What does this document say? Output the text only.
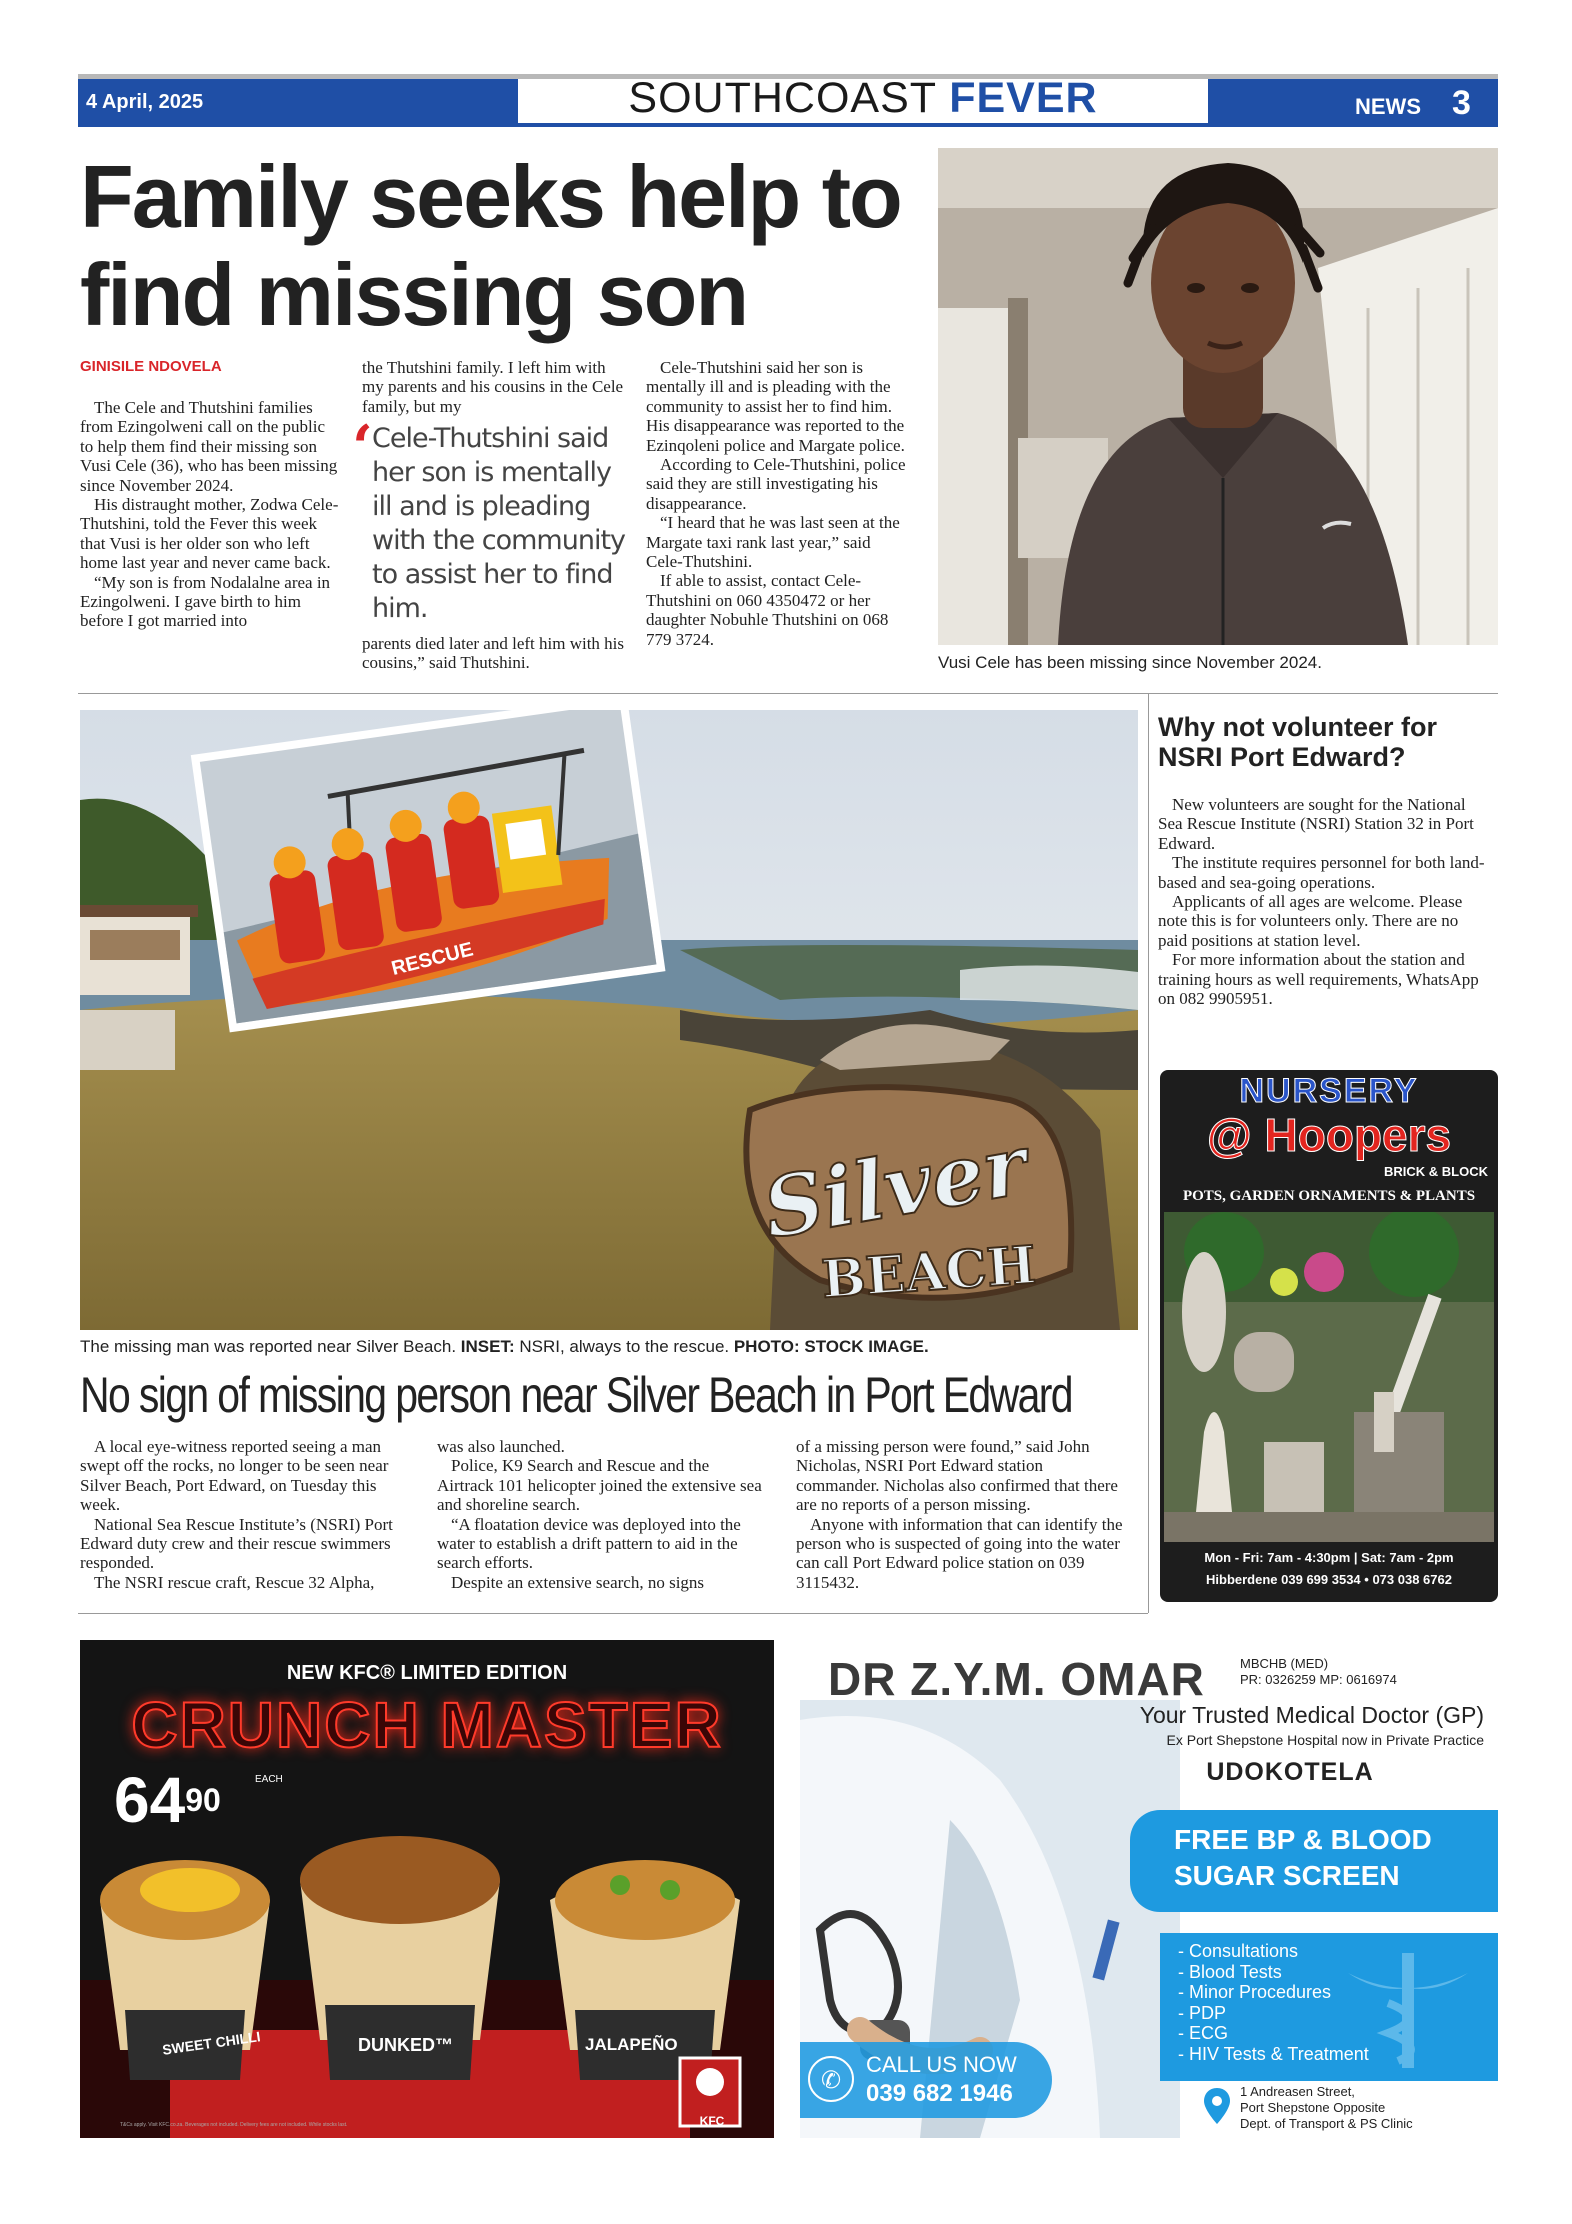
4 April, 2025	SOUTHCOAST FEVER	NEWS 3
Family seeks help to
find missing son
GINISILE NDOVELA

The Cele and Thutshini families from Ezingolweni call on the public to help them find their missing son Vusi Cele (36), who has been missing since November 2024.

His distraught mother, Zodwa Cele-Thutshini, told the Fever this week that Vusi is her older son who left home last year and never came back.

“My son is from Nodalalne area in Ezingolweni. I gave birth to him before I got married into

the Thutshini family. I left him with my parents and his cousins in the Cele family, but my

‘ Cele-Thutshini said her son is mentally ill and is pleading with the community to assist her to find him.

parents died later and left him with his cousins,” said Thutshini.

Cele-Thutshini said her son is mentally ill and is pleading with the community to assist her to find him. His disappearance was reported to the Ezinqoleni police and Margate police.

According to Cele-Thutshini, police said they are still investigating his disappearance.

“I heard that he was last seen at the Margate taxi rank last year,” said Cele-Thutshini.

If able to assist, contact Cele-Thutshini on 060 4350472 or her daughter Nobuhle Thutshini on 068 779 3724.

Vusi Cele has been missing since November 2024.
Silver
BEACH
RESCUE
The missing man was reported near Silver Beach. INSET: NSRI, always to the rescue. PHOTO: STOCK IMAGE.
No sign of missing person near Silver Beach in Port Edward

A local eye-witness reported seeing a man swept off the rocks, no longer to be seen near Silver Beach, Port Edward, on Tuesday this week.

National Sea Rescue Institute’s (NSRI) Port Edward duty crew and their rescue swimmers responded.

The NSRI rescue craft, Rescue 32 Alpha,

was also launched.

Police, K9 Search and Rescue and the Airtrack 101 helicopter joined the extensive sea and shoreline search.

“A floatation device was deployed into the water to establish a drift pattern to aid in the search efforts.

Despite an extensive search, no signs

of a missing person were found,” said John Nicholas, NSRI Port Edward station commander. Nicholas also confirmed that there are no reports of a person missing.

Anyone with information that can identify the person who is suspected of going into the water can call Port Edward police station on 039 3115432.

Why not volunteer for NSRI Port Edward?

New volunteers are sought for the National Sea Rescue Institute (NSRI) Station 32 in Port Edward.

The institute requires personnel for both land-based and sea-going operations.

Applicants of all ages are welcome. Please note this is for volunteers only. There are no paid positions at station level.

For more information about the station and training hours as well requirements, WhatsApp on 082 9905951.

NURSERY
@ Hoopers
BRICK & BLOCK
POTS, GARDEN ORNAMENTS & PLANTS
Mon - Fri: 7am - 4:30pm | Sat: 7am - 2pm
Hibberdene 039 699 3534 • 073 038 6762
NEW KFC® LIMITED EDITION
CRUNCH MASTER
$64^{90}$
EACH
SWEET CHILLI	DUNKED™	JALAPEÑO
KFC
T&Cs apply. Visit KFC.co.za. Beverages not included. Delivery fees are not included. While stocks last.
DR Z.Y.M. OMAR	MBCHB (MED)
PR: 0326259 MP: 0616974
Your Trusted Medical Doctor (GP)
Ex Port Shepstone Hospital now in Private Practice
UDOKOTELA
FREE BP & BLOOD
SUGAR SCREEN
- Consultations
- Blood Tests
- Minor Procedures
- PDP
- ECG
- HIV Tests & Treatment
✆
CALL US NOW
039 682 1946	1 Andreasen Street,
Port Shepstone Opposite
Dept. of Transport & PS Clinic
